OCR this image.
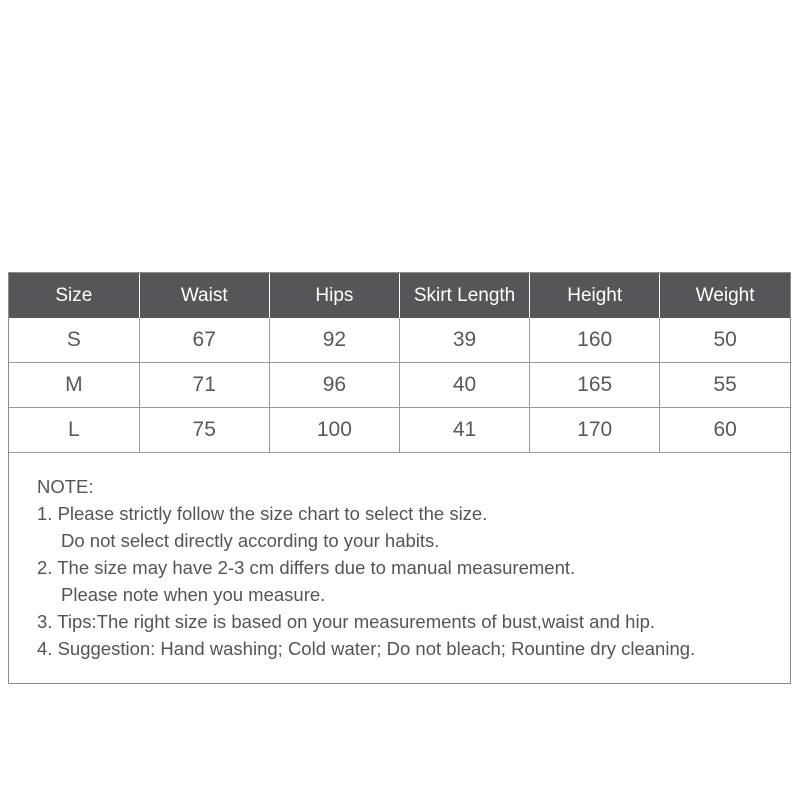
Size	Waist	Hips	Skirt Length	Height	Weight
S	67	92	39	160	50
M	71	96	40	165	55
L	75	100	41	170	60
NOTE:
1. Please strictly follow the size chart to select the size.
Do not select directly according to your habits.
2. The size may have 2-3 cm differs due to manual measurement.
Please note when you measure.
3. Tips:The right size is based on your measurements of bust,waist and hip.
4. Suggestion: Hand washing; Cold water; Do not bleach; Rountine dry cleaning.
